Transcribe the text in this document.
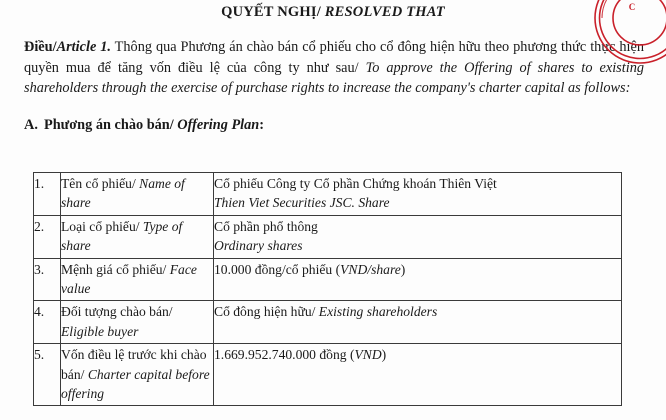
QUYẾT NGHỊ/ RESOLVED THAT
Điều/Article 1. Thông qua Phương án chào bán cổ phiếu cho cổ đông hiện hữu theo phương thức thực hiện quyền mua để tăng vốn điều lệ của công ty như sau/ To approve the Offering of shares to existing shareholders through the exercise of purchase rights to increase the company's charter capital as follows:
A. Phương án chào bán/ Offering Plan:
1.	Tên cổ phiếu/ Name of share	Cổ phiếu Công ty Cổ phần Chứng khoán Thiên Việt
Thien Viet Securities JSC. Share

2.	Loại cổ phiếu/ Type of share	Cổ phần phổ thông
Ordinary shares

3.	Mệnh giá cổ phiếu/ Face value	10.000 đồng/cổ phiếu (VND/share)
4.	Đối tượng chào bán/ Eligible buyer	Cổ đông hiện hữu/ Existing shareholders
5.	Vốn điều lệ trước khi chào bán/ Charter capital before offering	1.669.952.740.000 đồng (VND)
C
